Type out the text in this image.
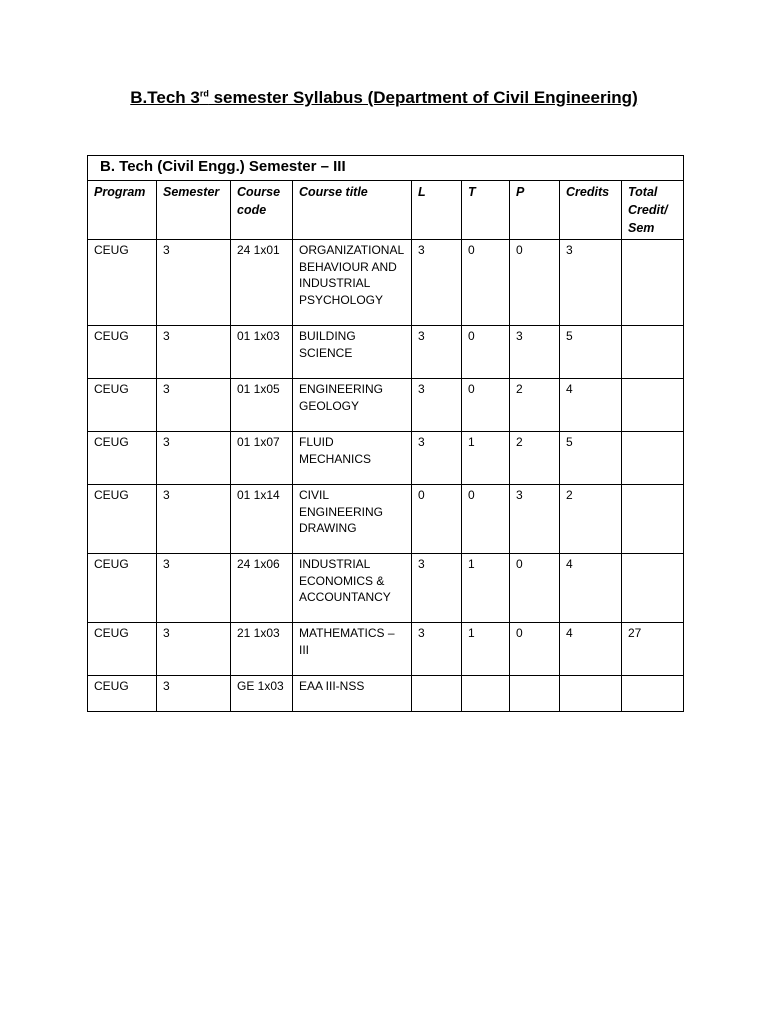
B.Tech 3rd semester Syllabus (Department of Civil Engineering)
B. Tech (Civil Engg.) Semester – III								
Program	Semester	Course code	Course title	L	T	P	Credits	Total Credit/ Sem
CEUG	3	24 1x01	ORGANIZATIONAL BEHAVIOUR AND INDUSTRIAL PSYCHOLOGY	3	0	0	3	
CEUG	3	01 1x03	BUILDING SCIENCE	3	0	3	5	
CEUG	3	01 1x05	ENGINEERING GEOLOGY	3	0	2	4	
CEUG	3	01 1x07	FLUID MECHANICS	3	1	2	5	
CEUG	3	01 1x14	CIVIL ENGINEERING DRAWING	0	0	3	2	
CEUG	3	24 1x06	INDUSTRIAL ECONOMICS & ACCOUNTANCY	3	1	0	4	
CEUG	3	21 1x03	MATHEMATICS – III	3	1	0	4	27
CEUG	3	GE 1x03	EAA III-NSS					
